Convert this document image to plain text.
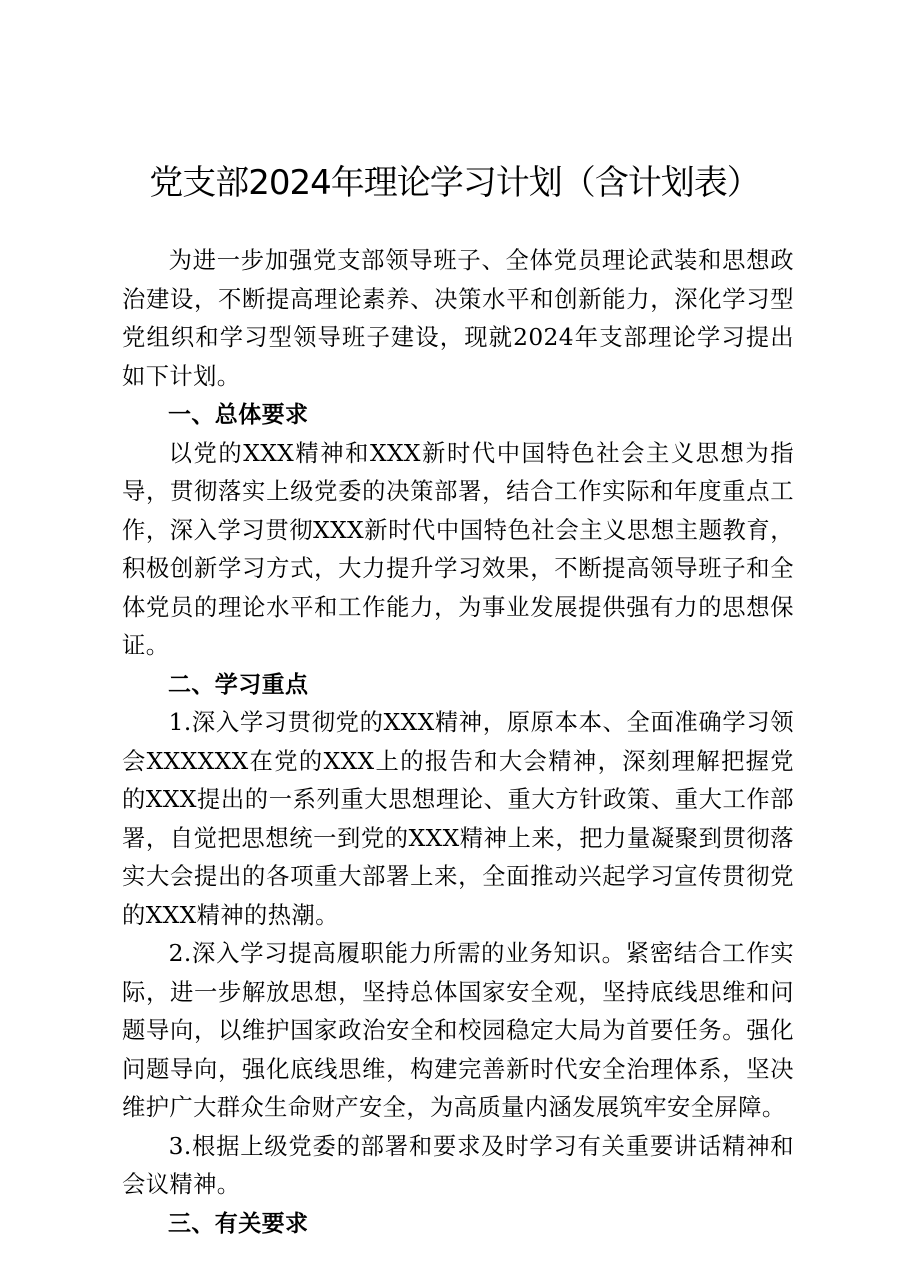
党支部2024年理论学习计划（含计划表）

为进一步加强党支部领导班子、全体党员理论武装和思想政治建设，不断提高理论素养、决策水平和创新能力，深化学习型党组织和学习型领导班子建设，现就2024年支部理论学习提出如下计划。

一、总体要求

以党的XXX精神和XXX新时代中国特色社会主义思想为指导，贯彻落实上级党委的决策部署，结合工作实际和年度重点工作，深入学习贯彻XXX新时代中国特色社会主义思想主题教育，积极创新学习方式，大力提升学习效果，不断提高领导班子和全体党员的理论水平和工作能力，为事业发展提供强有力的思想保证。

二、学习重点

1.深入学习贯彻党的XXX精神，原原本本、全面准确学习领会XXXXXX在党的XXX上的报告和大会精神，深刻理解把握党的XXX提出的一系列重大思想理论、重大方针政策、重大工作部署，自觉把思想统一到党的XXX精神上来，把力量凝聚到贯彻落实大会提出的各项重大部署上来，全面推动兴起学习宣传贯彻党的XXX精神的热潮。

2.深入学习提高履职能力所需的业务知识。紧密结合工作实际，进一步解放思想，坚持总体国家安全观，坚持底线思维和问题导向，以维护国家政治安全和校园稳定大局为首要任务。强化问题导向，强化底线思维，构建完善新时代安全治理体系，坚决维护广大群众生命财产安全，为高质量内涵发展筑牢安全屏障。

3.根据上级党委的部署和要求及时学习有关重要讲话精神和会议精神。

三、有关要求
